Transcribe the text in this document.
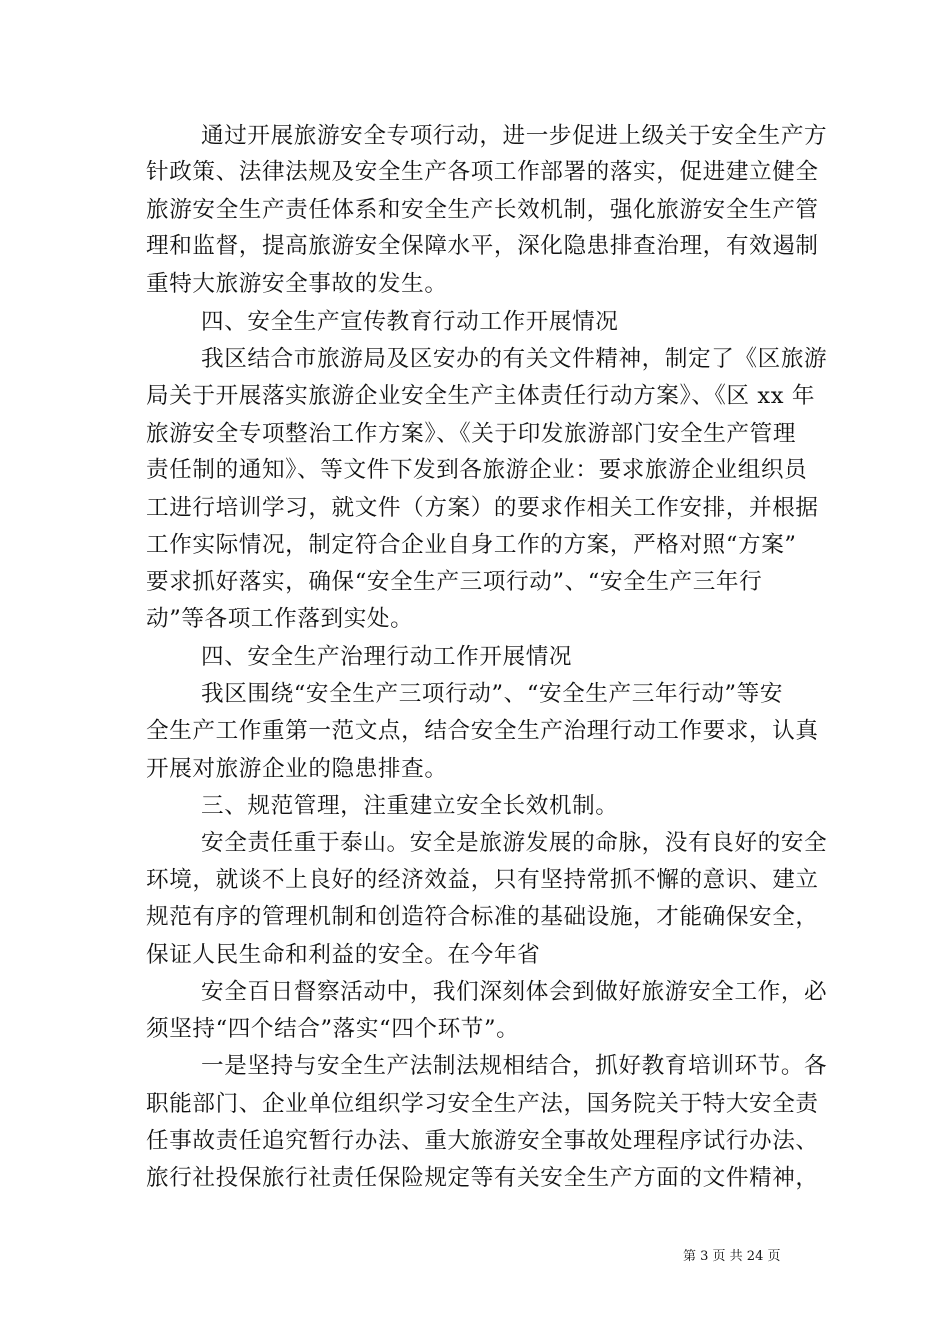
通过开展旅游安全专项行动，进一步促进上级关于安全生产方
针政策、法律法规及安全生产各项工作部署的落实，促进建立健全
旅游安全生产责任体系和安全生产长效机制，强化旅游安全生产管
理和监督，提高旅游安全保障水平，深化隐患排查治理，有效遏制
重特大旅游安全事故的发生。
四、安全生产宣传教育行动工作开展情况
我区结合市旅游局及区安办的有关文件精神，制定了《区旅游
局关于开展落实旅游企业安全生产主体责任行动方案》、《区 xx 年
旅游安全专项整治工作方案》、《关于印发旅游部门安全生产管理
责任制的通知》、等文件下发到各旅游企业：要求旅游企业组织员
工进行培训学习，就文件（方案）的要求作相关工作安排，并根据
工作实际情况，制定符合企业自身工作的方案，严格对照“方案”
要求抓好落实，确保“安全生产三项行动”、“安全生产三年行
动”等各项工作落到实处。
四、安全生产治理行动工作开展情况
我区围绕“安全生产三项行动”、“安全生产三年行动”等安
全生产工作重第一范文点，结合安全生产治理行动工作要求，认真
开展对旅游企业的隐患排查。
三、规范管理，注重建立安全长效机制。
安全责任重于泰山。安全是旅游发展的命脉，没有良好的安全
环境，就谈不上良好的经济效益，只有坚持常抓不懈的意识、建立
规范有序的管理机制和创造符合标准的基础设施，才能确保安全，
保证人民生命和利益的安全。在今年省
安全百日督察活动中，我们深刻体会到做好旅游安全工作，必
须坚持“四个结合”落实“四个环节”。
一是坚持与安全生产法制法规相结合，抓好教育培训环节。各
职能部门、企业单位组织学习安全生产法，国务院关于特大安全责
任事故责任追究暂行办法、重大旅游安全事故处理程序试行办法、
旅行社投保旅行社责任保险规定等有关安全生产方面的文件精神，
第 3 页 共 24 页
